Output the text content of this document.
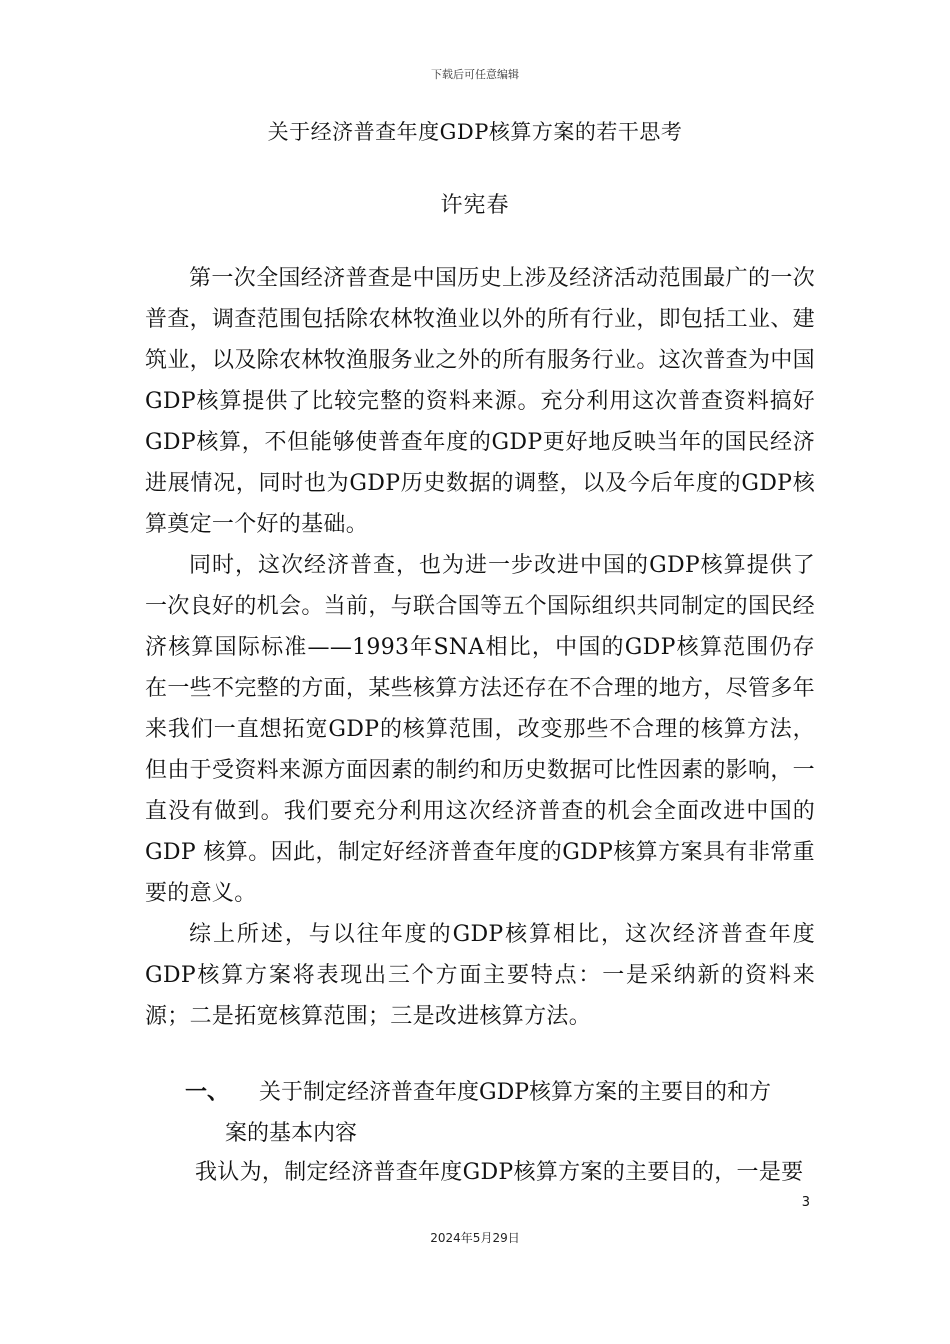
下载后可任意编辑
关于经济普查年度GDP核算方案的若干思考
许宪春

第一次全国经济普查是中国历史上涉及经济活动范围最广的一次普查，调查范围包括除农林牧渔业以外的所有行业，即包括工业、建筑业，以及除农林牧渔服务业之外的所有服务行业。这次普查为中国GDP核算提供了比较完整的资料来源。充分利用这次普查资料搞好GDP核算，不但能够使普查年度的GDP更好地反映当年的国民经济进展情况，同时也为GDP历史数据的调整，以及今后年度的GDP核算奠定一个好的基础。

同时，这次经济普查，也为进一步改进中国的GDP核算提供了一次良好的机会。当前，与联合国等五个国际组织共同制定的国民经济核算国际标准——1993年SNA相比，中国的GDP核算范围仍存在一些不完整的方面，某些核算方法还存在不合理的地方，尽管多年来我们一直想拓宽GDP的核算范围，改变那些不合理的核算方法，但由于受资料来源方面因素的制约和历史数据可比性因素的影响，一直没有做到。我们要充分利用这次经济普查的机会全面改进中国的GDP 核算。因此，制定好经济普查年度的GDP核算方案具有非常重要的意义。

综上所述，与以往年度的GDP核算相比，这次经济普查年度GDP核算方案将表现出三个方面主要特点：一是采纳新的资料来源；二是拓宽核算范围；三是改进核算方法。

一、	关于制定经济普查年度GDP核算方案的主要目的和方
案的基本内容

我认为，制定经济普查年度GDP核算方案的主要目的，一是要

3
2024年5月29日
